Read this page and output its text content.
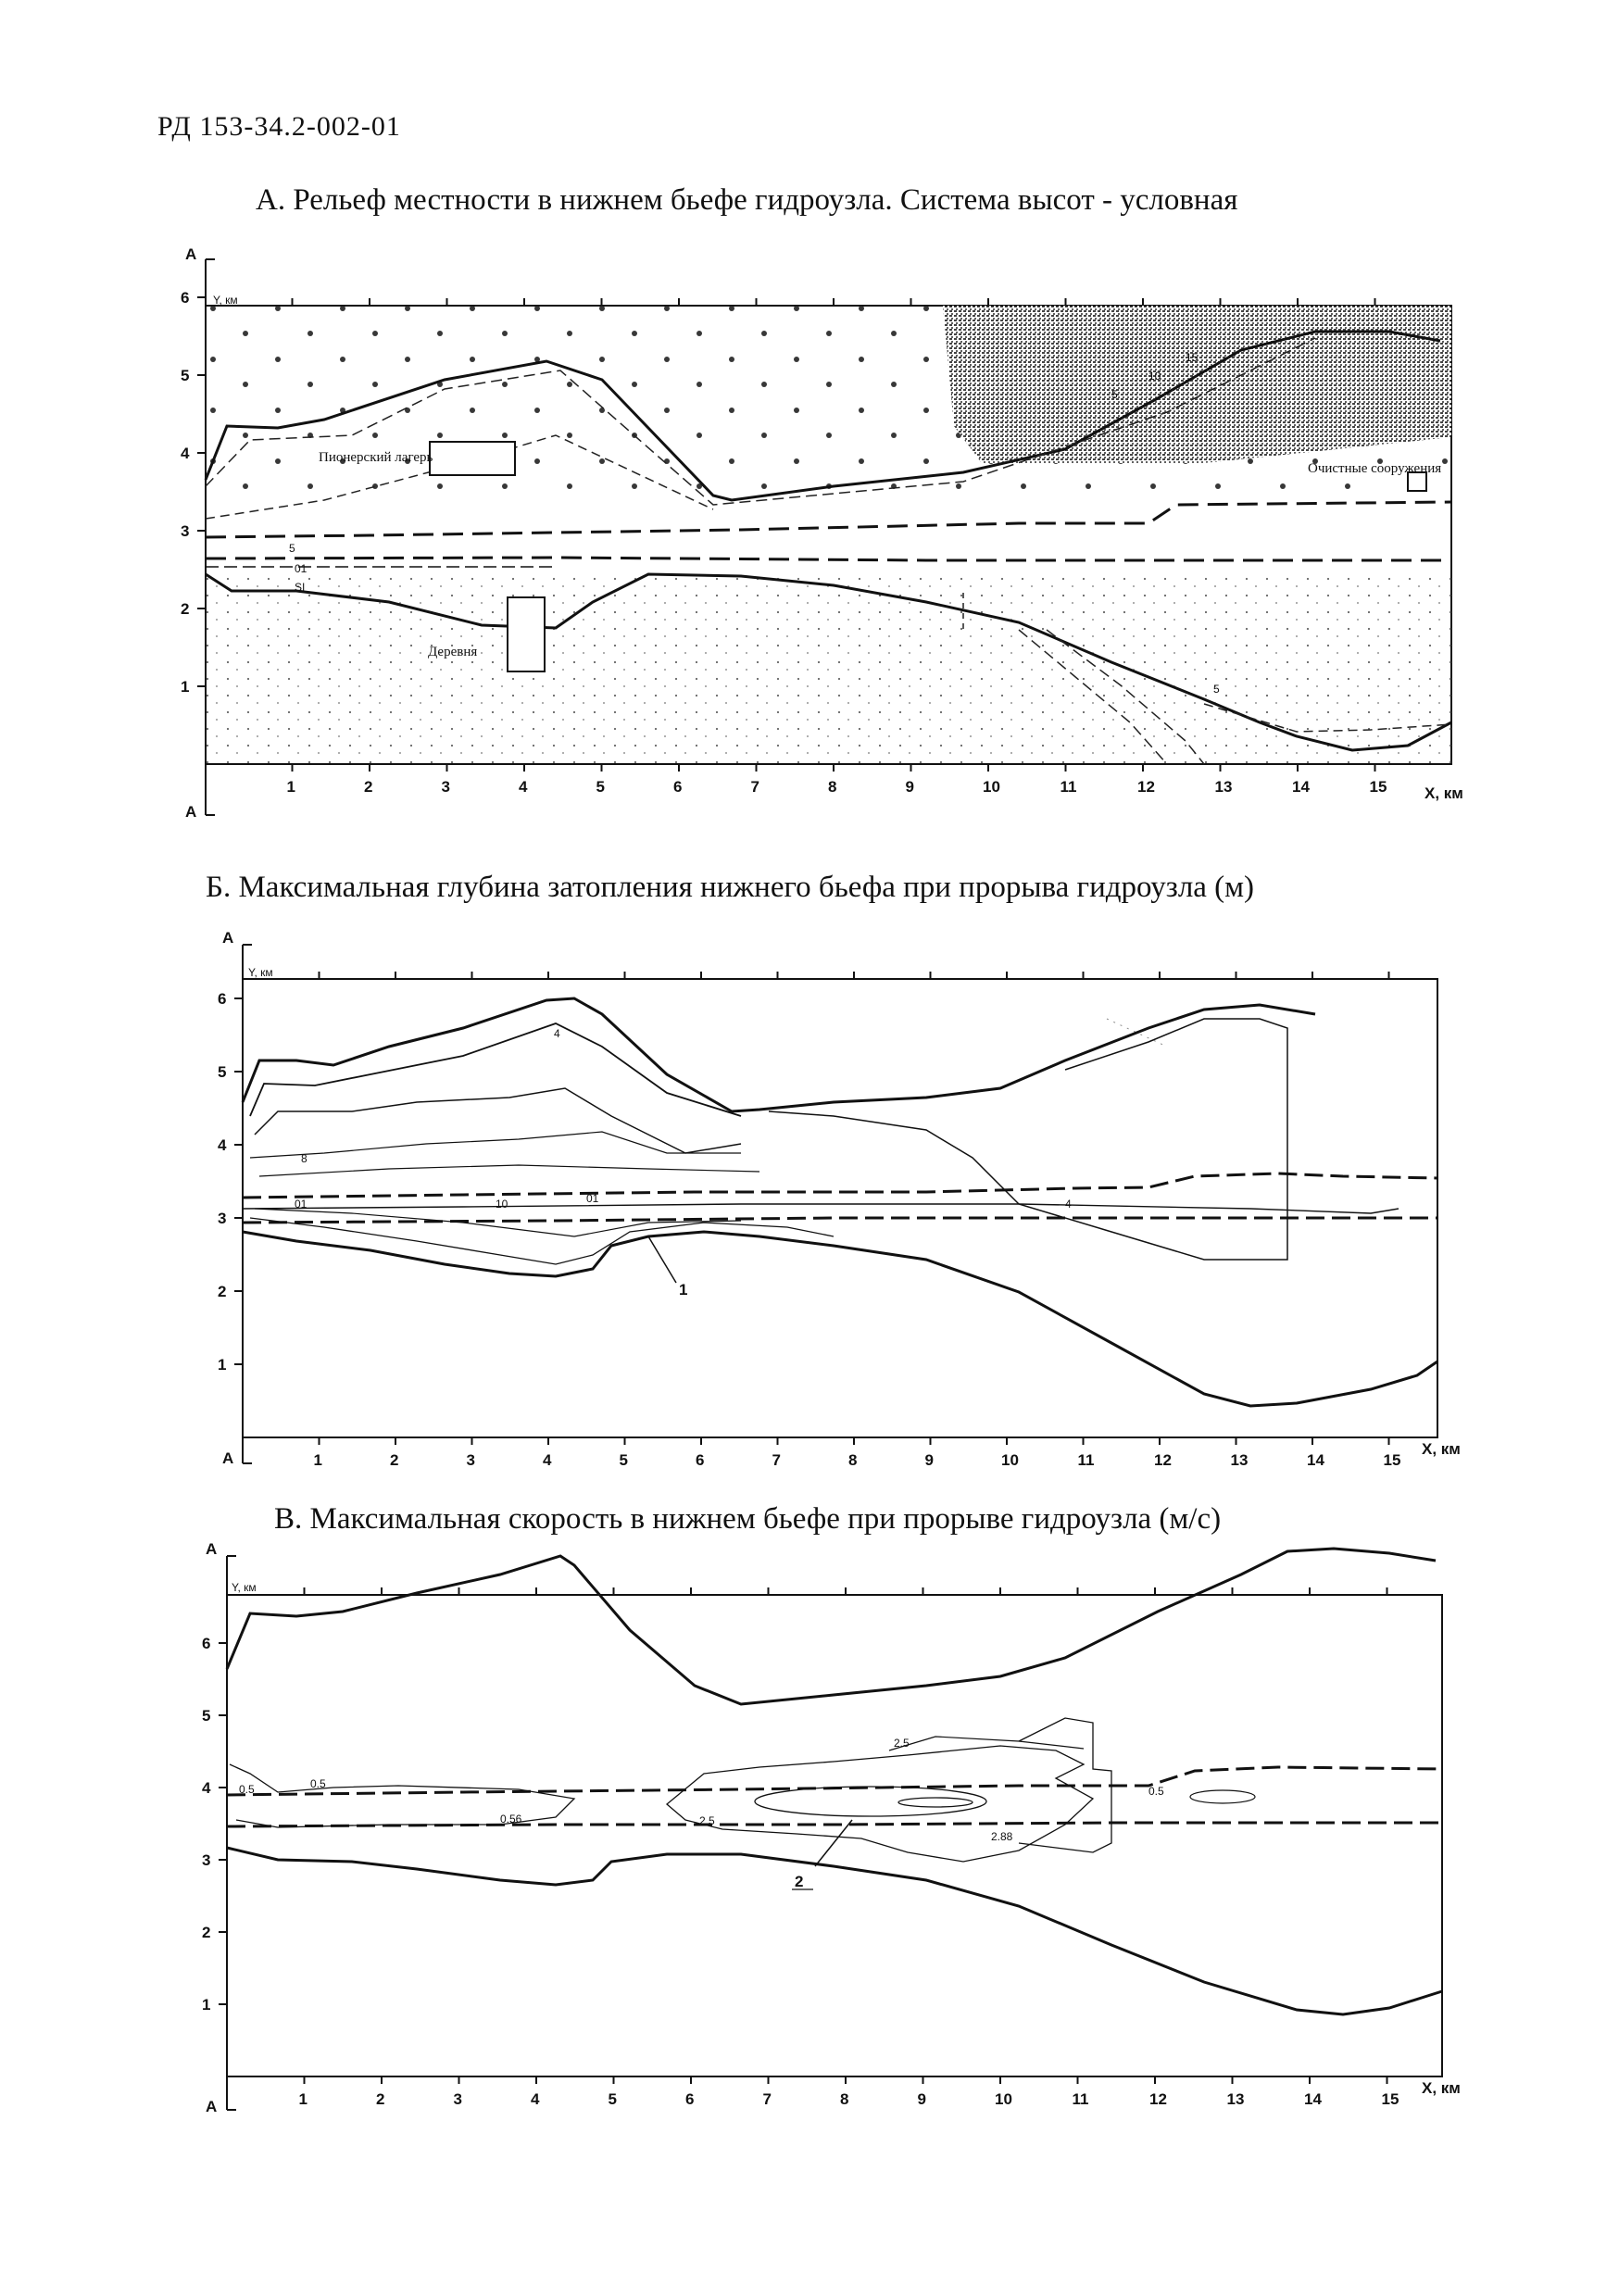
РД 153-34.2-002-01
А. Рельеф местности в нижнем бьефе гидроузла. Система высот - условная
Б. Максимальная глубина затопления нижнего бьефа при прорыва гидроузла (м)
В. Максимальная скорость в нижнем бьефе при прорыве гидроузла (м/с)
А
А
Y, км
X, км
1	2	3	4	5	6	7	8	9	10	11	12	13	14	15
1
2
3
4
5
6
Пионерский лагерь
Деревня
Очистные сооружения
5
01
SI
5
5
10
15
1
4
8
01	10	01	4
А
А
Y, км
X, км
1	2	3	4	5	6	7	8	9	10	11	12	13	14	15
1
2
3
4
5
6
2
0.5
0.56	2.5
2.5
2.88
0.5
0.5
А
А
Y, км
X, км
1	2	3	4	5	6	7	8	9	10	11	12	13	14	15
1
2
3
4
5
6
